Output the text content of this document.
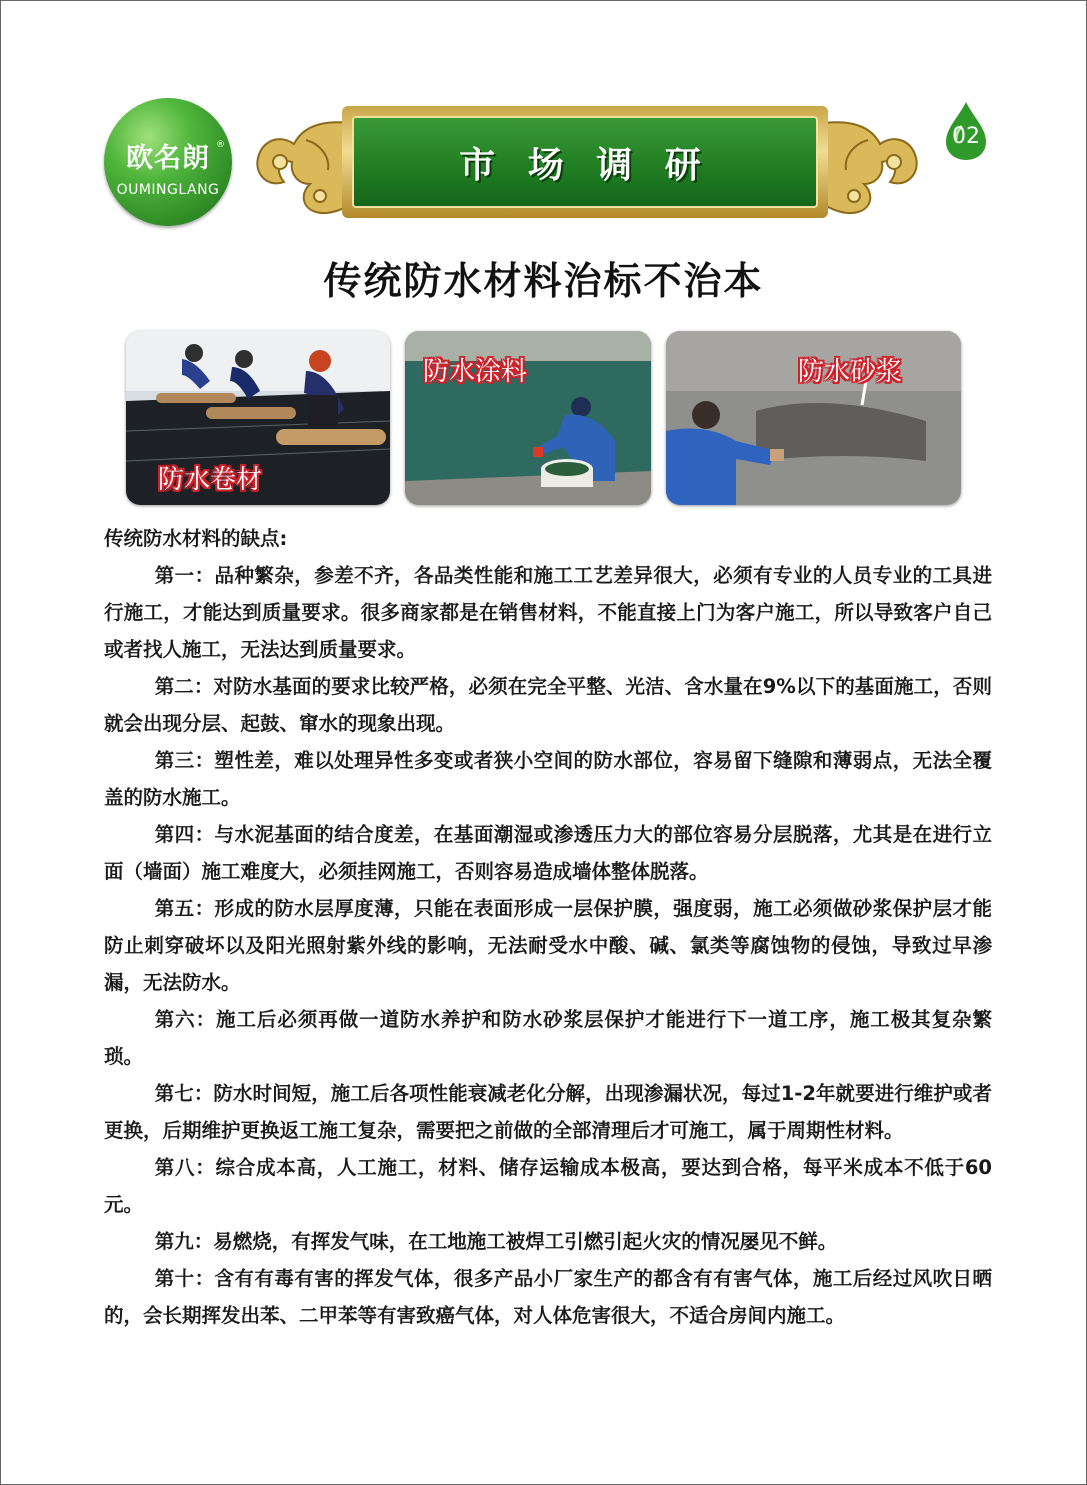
欧名朗 ®
OUMINGLANG
市 场 调 研
02
传统防水材料治标不治本
防水卷材
防水涂料	防水砂浆
传统防水材料的缺点:

第一：品种繁杂，参差不齐，各品类性能和施工工艺差异很大，必须有专业的人员专业的工具进行施工，才能达到质量要求。很多商家都是在销售材料，不能直接上门为客户施工，所以导致客户自己或者找人施工，无法达到质量要求。

第二：对防水基面的要求比较严格，必须在完全平整、光洁、含水量在9%以下的基面施工，否则就会出现分层、起鼓、窜水的现象出现。

第三：塑性差，难以处理异性多变或者狭小空间的防水部位，容易留下缝隙和薄弱点，无法全覆盖的防水施工。

第四：与水泥基面的结合度差，在基面潮湿或渗透压力大的部位容易分层脱落，尤其是在进行立面（墙面）施工难度大，必须挂网施工，否则容易造成墙体整体脱落。

第五：形成的防水层厚度薄，只能在表面形成一层保护膜，强度弱，施工必须做砂浆保护层才能防止刺穿破坏以及阳光照射紫外线的影响，无法耐受水中酸、碱、氯类等腐蚀物的侵蚀，导致过早渗漏，无法防水。

第六：施工后必须再做一道防水养护和防水砂浆层保护才能进行下一道工序，施工极其复杂繁琐。

第七：防水时间短，施工后各项性能衰减老化分解，出现渗漏状况，每过1-2年就要进行维护或者更换，后期维护更换返工施工复杂，需要把之前做的全部清理后才可施工，属于周期性材料。

第八：综合成本高，人工施工，材料、储存运输成本极高，要达到合格，每平米成本不低于60元。

第九：易燃烧，有挥发气味，在工地施工被焊工引燃引起火灾的情况屡见不鲜。

第十：含有有毒有害的挥发气体，很多产品小厂家生产的都含有有害气体，施工后经过风吹日晒的，会长期挥发出苯、二甲苯等有害致癌气体，对人体危害很大，不适合房间内施工。
